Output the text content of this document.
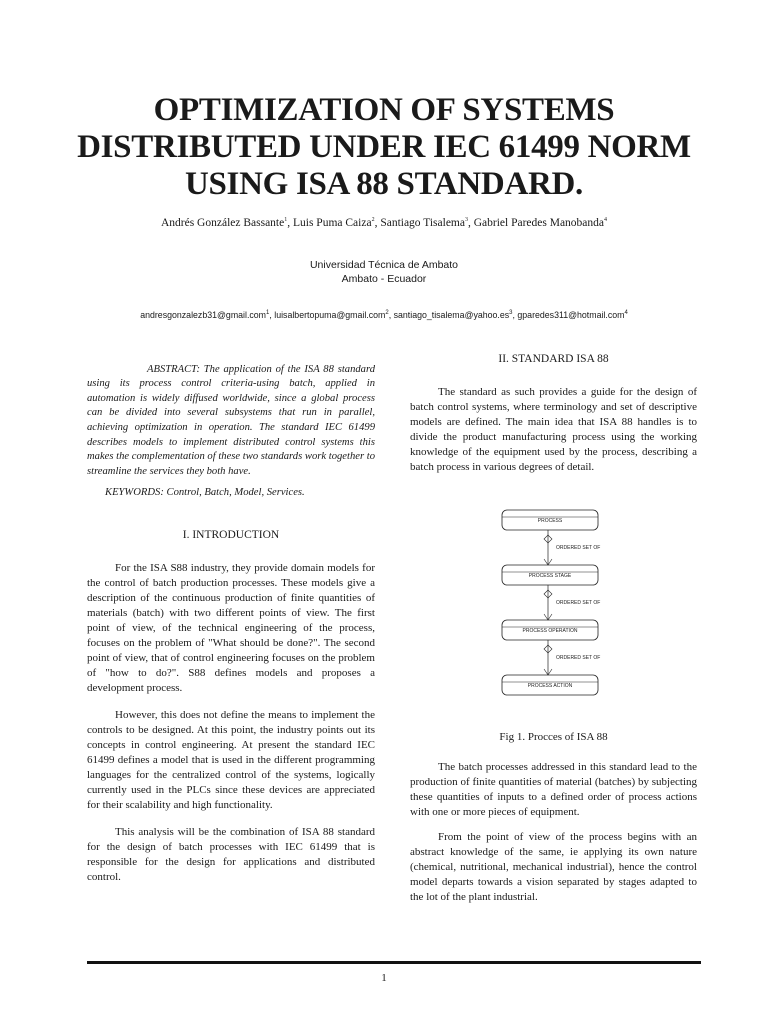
OPTIMIZATION OF SYSTEMS
DISTRIBUTED UNDER IEC 61499 NORM
USING ISA 88 STANDARD.
Andrés González Bassante$^1$, Luis Puma Caiza$^2$, Santiago Tisalema$^3$, Gabriel Paredes Manobanda$^4$
Universidad Técnica de Ambato
Ambato - Ecuador
andresgonzalezb31@gmail.com$^1$, luisalbertopuma@gmail.com$^2$, $santiago\_tisalema@yahoo.es^3$, gparedes311@hotmail.com$^4$

ABSTRACT: The application of the ISA 88 standard using its process control criteria-using batch, applied in automation is widely diffused worldwide, since a global process can be divided into several subsystems that run in parallel, achieving optimization in operation. The standard IEC 61499 describes models to implement distributed control systems this makes the complementation of these two standards work together to streamline the services they both have.

KEYWORDS: Control, Batch, Model, Services.

I. INTRODUCTION

For the ISA S88 industry, they provide domain models for the control of batch production processes. These models give a description of the continuous production of finite quantities of materials (batch) with two different points of view. The first point of view, of the technical engineering of the process, focuses on the problem of "What should be done?". The second point of view, that of control engineering focuses on the problem of "how to do?". S88 defines models and proposes a development process.

However, this does not define the means to implement the controls to be designed. At this point, the industry points out its concepts in control engineering. At present the standard IEC 61499 defines a model that is used in the different programming languages for the centralized control of the systems, logically currently used in the PLCs since these devices are appreciated for their scalability and high functionality.

This analysis will be the combination of ISA 88 standard for the design of batch processes with IEC 61499 that is responsible for the design for applications and distributed control.

II. STANDARD ISA 88

The standard as such provides a guide for the design of batch control systems, where terminology and set of descriptive models are defined. The main idea that ISA 88 handles is to divide the product manufacturing process using the working knowledge of the equipment used by the process, describing a batch process in various degrees of detail.

PROCESS
PROCESS STAGE
PROCESS OPERATION
PROCESS ACTION
ORDERED SET OF
ORDERED SET OF
ORDERED SET OF
Fig 1. Procces of ISA 88

The batch processes addressed in this standard lead to the production of finite quantities of material (batches) by subjecting these quantities of inputs to a defined order of process actions with one or more pieces of equipment.

From the point of view of the process begins with an abstract knowledge of the same, ie applying its own nature (chemical, nutritional, mechanical industrial), hence the control model departs towards a vision separated by stages adapted to the lot of the plant industrial.

1
